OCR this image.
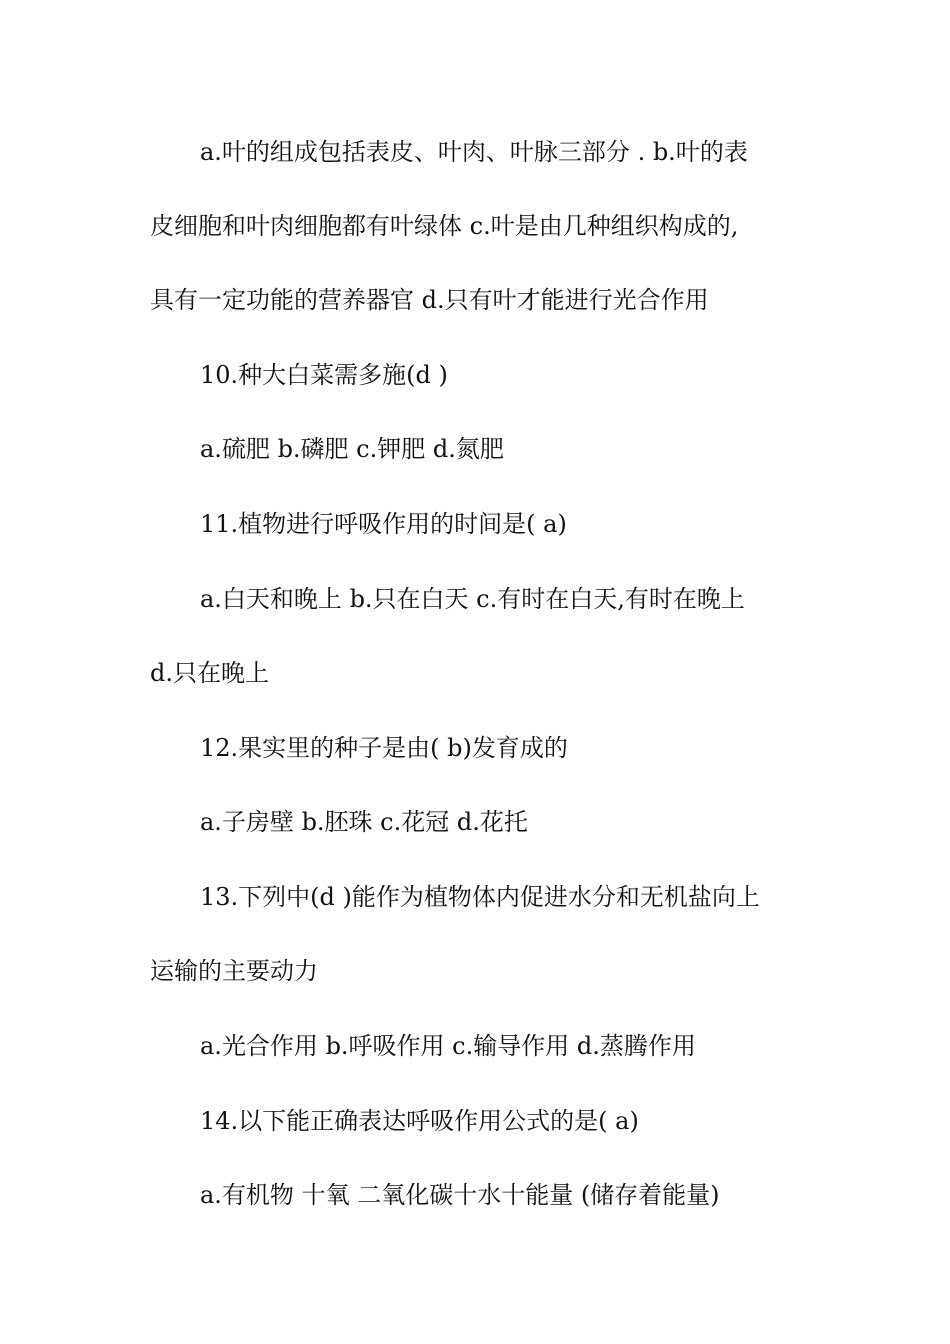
a.叶的组成包括表皮、叶肉、叶脉三部分 . b.叶的表
皮细胞和叶肉细胞都有叶绿体 c.叶是由几种组织构成的,
具有一定功能的营养器官 d.只有叶才能进行光合作用
10.种大白菜需多施(d )
a.硫肥 b.磷肥 c.钾肥 d.氮肥
11.植物进行呼吸作用的时间是( a)
a.白天和晚上 b.只在白天 c.有时在白天,有时在晚上
d.只在晚上
12.果实里的种子是由( b)发育成的
a.子房壁 b.胚珠 c.花冠 d.花托
13.下列中(d )能作为植物体内促进水分和无机盐向上
运输的主要动力
a.光合作用 b.呼吸作用 c.输导作用 d.蒸腾作用
14.以下能正确表达呼吸作用公式的是( a)
a.有机物 十氧 二氧化碳十水十能量 (储存着能量)
